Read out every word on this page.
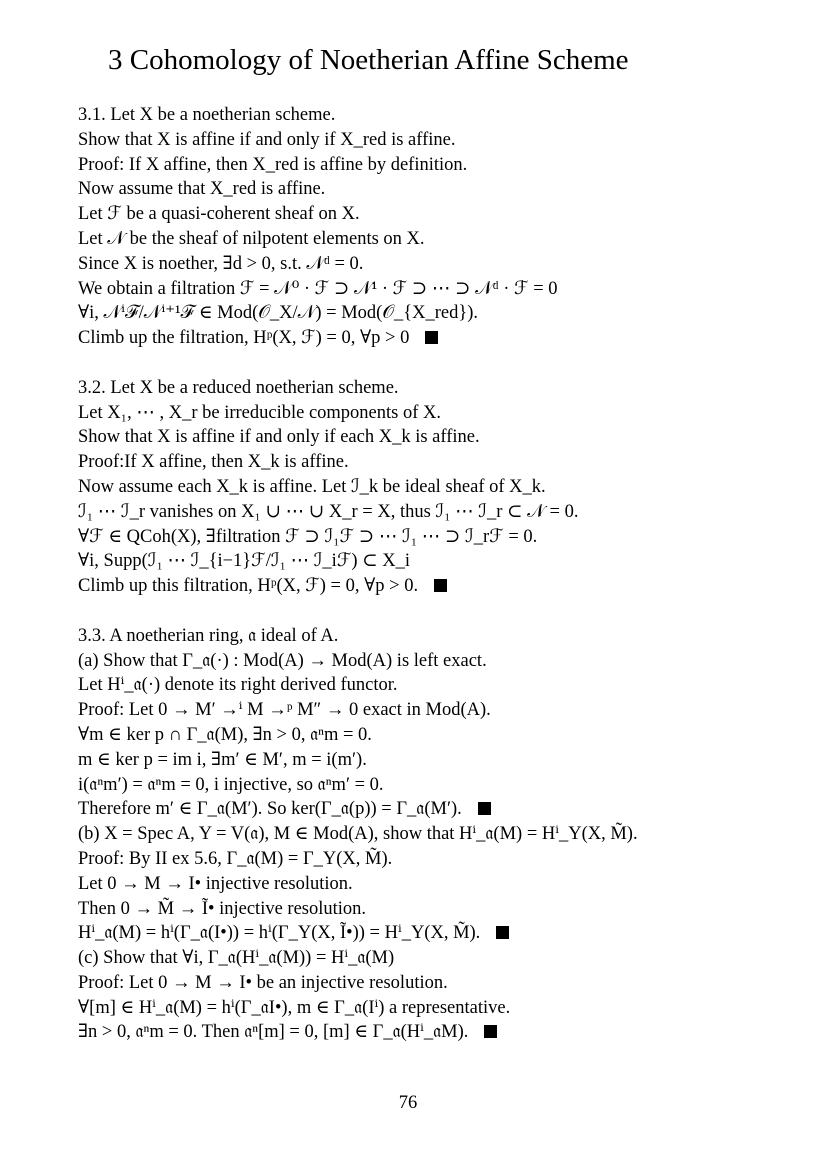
3 Cohomology of Noetherian Affine Scheme
3.1. Let X be a noetherian scheme.
Show that X is affine if and only if X_red is affine.
Proof: If X affine, then X_red is affine by definition.
Now assume that X_red is affine.
Let ℱ be a quasi-coherent sheaf on X.
Let 𝒩 be the sheaf of nilpotent elements on X.
Since X is noether, ∃d > 0, s.t. 𝒩ᵈ = 0.
We obtain a filtration ℱ = 𝒩⁰ · ℱ ⊃ 𝒩¹ · ℱ ⊃ ⋯ ⊃ 𝒩ᵈ · ℱ = 0
∀i, 𝒩ⁱℱ/𝒩ⁱ⁺¹ℱ ∈ Mod(𝒪_X/𝒩) = Mod(𝒪_{X_red}).
Climb up the filtration, Hᵖ(X, ℱ) = 0, ∀p > 0
3.2. Let X be a reduced noetherian scheme.
Let X₁, ⋯ , X_r be irreducible components of X.
Show that X is affine if and only if each X_k is affine.
Proof:If X affine, then X_k is affine.
Now assume each X_k is affine. Let ℐ_k be ideal sheaf of X_k.
ℐ₁ ⋯ ℐ_r vanishes on X₁ ∪ ⋯ ∪ X_r = X, thus ℐ₁ ⋯ ℐ_r ⊂ 𝒩 = 0.
∀ℱ ∈ QCoh(X), ∃filtration ℱ ⊃ ℐ₁ℱ ⊃ ⋯ ℐ₁ ⋯ ⊃ ℐ_rℱ = 0.
∀i, Supp(ℐ₁ ⋯ ℐ_{i−1}ℱ/ℐ₁ ⋯ ℐ_iℱ) ⊂ X_i
Climb up this filtration, Hᵖ(X, ℱ) = 0, ∀p > 0.
3.3. A noetherian ring, 𝔞 ideal of A.
(a) Show that Γ_𝔞(·) : Mod(A) → Mod(A) is left exact.
Let Hⁱ_𝔞(·) denote its right derived functor.
Proof: Let 0 → M′ →ⁱ M →ᵖ M″ → 0 exact in Mod(A).
∀m ∈ ker p ∩ Γ_𝔞(M), ∃n > 0, 𝔞ⁿm = 0.
m ∈ ker p = im i, ∃m′ ∈ M′, m = i(m′).
i(𝔞ⁿm′) = 𝔞ⁿm = 0, i injective, so 𝔞ⁿm′ = 0.
Therefore m′ ∈ Γ_𝔞(M′). So ker(Γ_𝔞(p)) = Γ_𝔞(M′).
(b) X = Spec A, Y = V(𝔞), M ∈ Mod(A), show that Hⁱ_𝔞(M) = Hⁱ_Y(X, M̃).
Proof: By II ex 5.6, Γ_𝔞(M) = Γ_Y(X, M̃).
Let 0 → M → I• injective resolution.
Then 0 → M̃ → Ĩ• injective resolution.
Hⁱ_𝔞(M) = hⁱ(Γ_𝔞(I•)) = hⁱ(Γ_Y(X, Ĩ•)) = Hⁱ_Y(X, M̃).
(c) Show that ∀i, Γ_𝔞(Hⁱ_𝔞(M)) = Hⁱ_𝔞(M)
Proof: Let 0 → M → I• be an injective resolution.
∀[m] ∈ Hⁱ_𝔞(M) = hⁱ(Γ_𝔞I•), m ∈ Γ_𝔞(Iⁱ) a representative.
∃n > 0, 𝔞ⁿm = 0. Then 𝔞ⁿ[m] = 0, [m] ∈ Γ_𝔞(Hⁱ_𝔞M).
76
